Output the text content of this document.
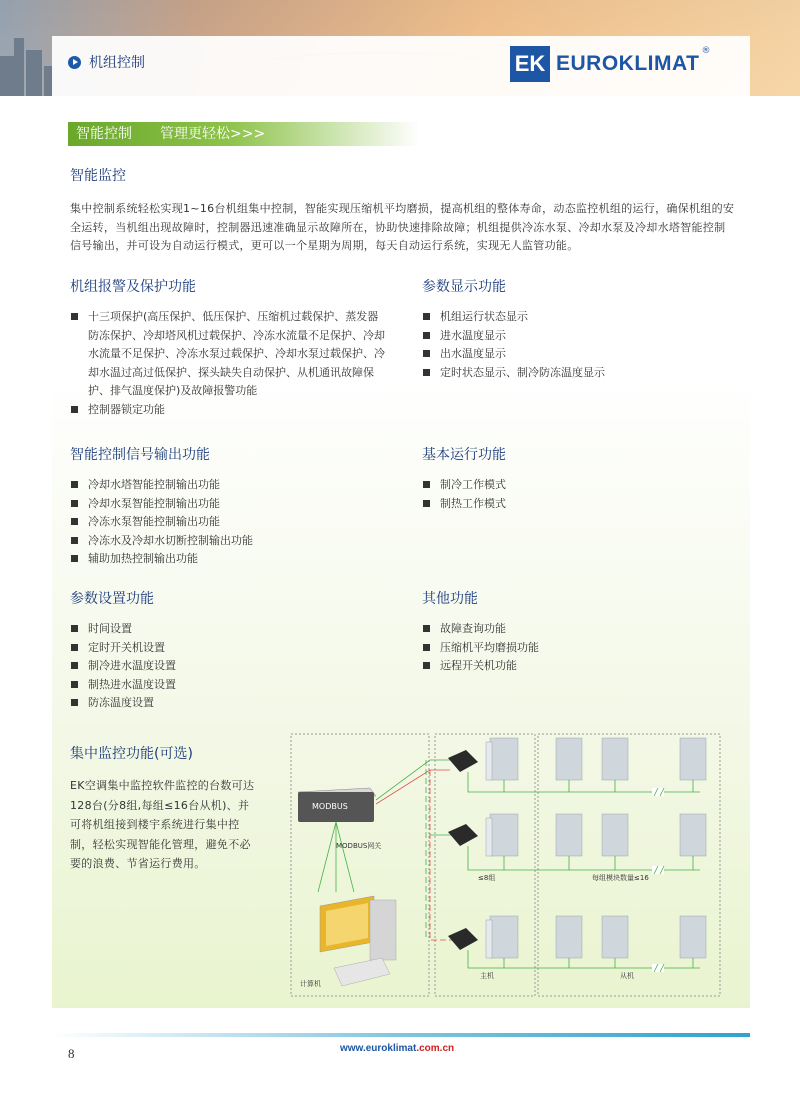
机组控制	EK EUROKLIMAT
®
智能控制 管理更轻松>>>
智能监控
集中控制系统轻松实现1~16台机组集中控制，智能实现压缩机平均磨损，提高机组的整体寿命，动态监控机组的运行，确保机组的安全运转，当机组出现故障时，控制器迅速准确显示故障所在，协助快速排除故障；机组提供冷冻水泵、冷却水泵及冷却水塔智能控制信号输出，并可设为自动运行模式，更可以一个星期为周期，每天自动运行系统，实现无人监管功能。
机组报警及保护功能
十三项保护(高压保护、低压保护、压缩机过载保护、蒸发器防冻保护、冷却塔风机过载保护、冷冻水流量不足保护、冷却水流量不足保护、冷冻水泵过载保护、冷却水泵过载保护、冷却水温过高过低保护、探头缺失自动保护、从机通讯故障保护、排气温度保护)及故障报警功能
控制器锁定功能
参数显示功能
机组运行状态显示
进水温度显示
出水温度显示
定时状态显示、制冷防冻温度显示
智能控制信号输出功能
冷却水塔智能控制输出功能
冷却水泵智能控制输出功能
冷冻水泵智能控制输出功能
冷冻水及冷却水切断控制输出功能
辅助加热控制输出功能
基本运行功能
制冷工作模式
制热工作模式
参数设置功能
时间设置
定时开关机设置
制冷进水温度设置
制热进水温度设置
防冻温度设置
其他功能
故障查询功能
压缩机平均磨损功能
远程开关机功能
集中监控功能(可选)
EK空调集中监控软件监控的台数可达128台(分8组,每组≤16台从机)、并可将机组接到楼宇系统进行集中控制，轻松实现智能化管理，避免不必要的浪费、节省运行费用。
MODBUS
MODBUS网关
计算机
≤8组	每组模块数量≤16
主机	从机
8	www.euroklimat.com.cn
